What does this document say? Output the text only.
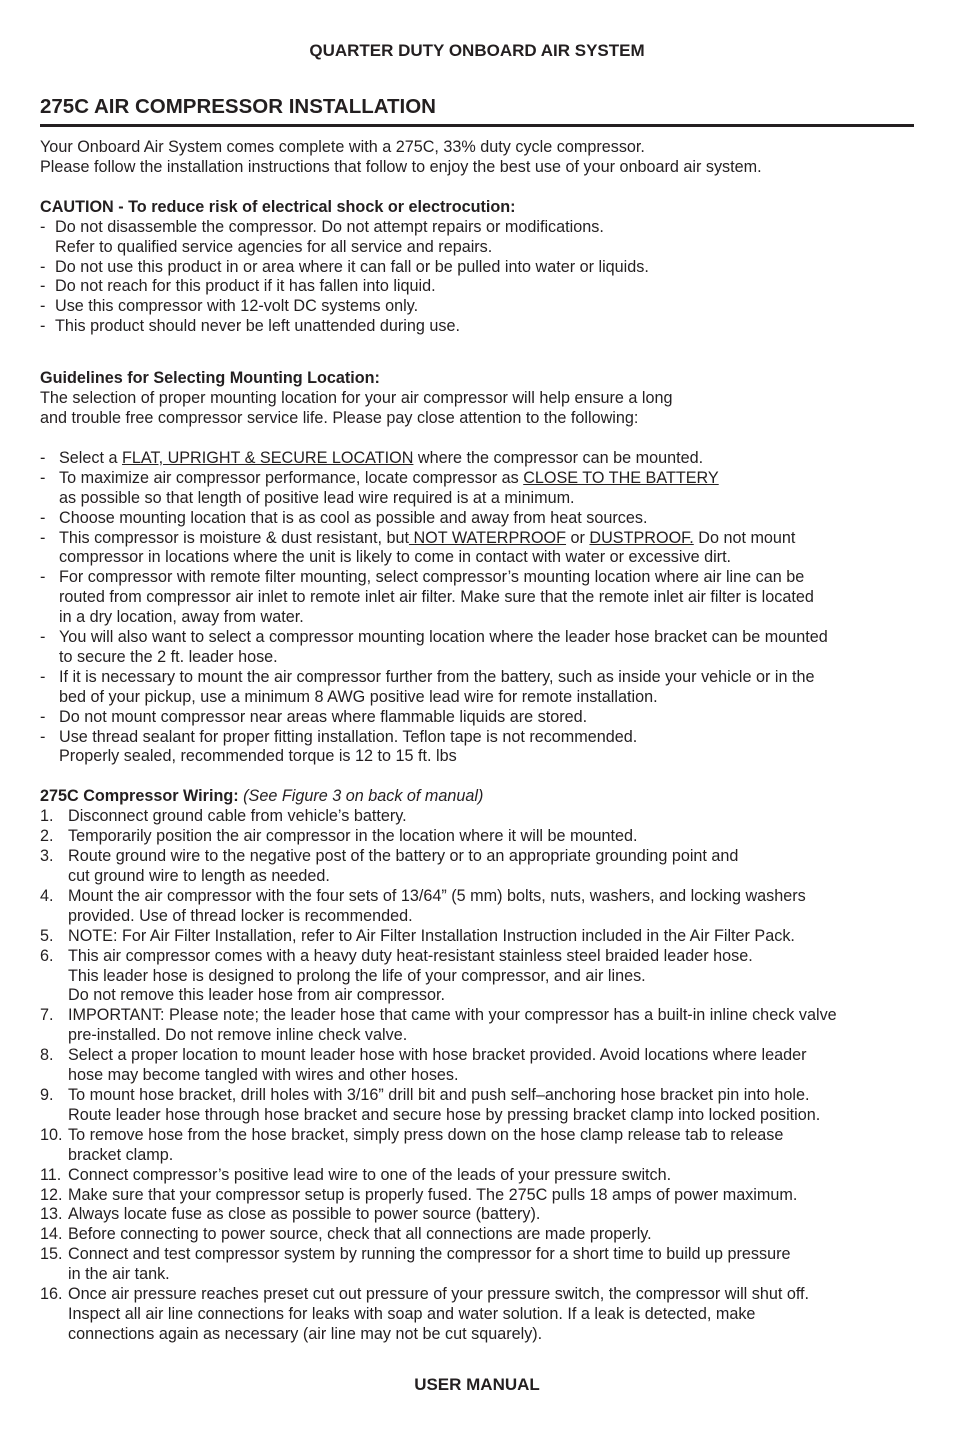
QUARTER DUTY ONBOARD AIR SYSTEM
275C AIR COMPRESSOR INSTALLATION
Your Onboard Air System comes complete with a 275C, 33% duty cycle compressor.
Please follow the installation instructions that follow to enjoy the best use of your onboard air system.
CAUTION - To reduce risk of electrical shock or electrocution:
- Do not disassemble the compressor. Do not attempt repairs or modifications.
Refer to qualified service agencies for all service and repairs.
- Do not use this product in or area where it can fall or be pulled into water or liquids.
- Do not reach for this product if it has fallen into liquid.
- Use this compressor with 12-volt DC systems only.
- This product should never be left unattended during use.
Guidelines for Selecting Mounting Location:
The selection of proper mounting location for your air compressor will help ensure a long
and trouble free compressor service life. Please pay close attention to the following:
- Select a FLAT, UPRIGHT & SECURE LOCATION where the compressor can be mounted.
- To maximize air compressor performance, locate compressor as CLOSE TO THE BATTERY
as possible so that length of positive lead wire required is at a minimum.
- Choose mounting location that is as cool as possible and away from heat sources.
- This compressor is moisture & dust resistant, but NOT WATERPROOF or DUSTPROOF. Do not mount
compressor in locations where the unit is likely to come in contact with water or excessive dirt.
- For compressor with remote filter mounting, select compressor’s mounting location where air line can be
routed from compressor air inlet to remote inlet air filter. Make sure that the remote inlet air filter is located
in a dry location, away from water.
- You will also want to select a compressor mounting location where the leader hose bracket can be mounted
to secure the 2 ft. leader hose.
- If it is necessary to mount the air compressor further from the battery, such as inside your vehicle or in the
bed of your pickup, use a minimum 8 AWG positive lead wire for remote installation.
- Do not mount compressor near areas where flammable liquids are stored.
- Use thread sealant for proper fitting installation. Teflon tape is not recommended.
Properly sealed, recommended torque is 12 to 15 ft. lbs
275C Compressor Wiring: (See Figure 3 on back of manual)
1. Disconnect ground cable from vehicle’s battery.
2. Temporarily position the air compressor in the location where it will be mounted.
3. Route ground wire to the negative post of the battery or to an appropriate grounding point and
cut ground wire to length as needed.
4. Mount the air compressor with the four sets of 13/64” (5 mm) bolts, nuts, washers, and locking washers
provided. Use of thread locker is recommended.
5. NOTE: For Air Filter Installation, refer to Air Filter Installation Instruction included in the Air Filter Pack.
6. This air compressor comes with a heavy duty heat-resistant stainless steel braided leader hose.
This leader hose is designed to prolong the life of your compressor, and air lines.
Do not remove this leader hose from air compressor.
7. IMPORTANT: Please note; the leader hose that came with your compressor has a built-in inline check valve
pre-installed. Do not remove inline check valve.
8. Select a proper location to mount leader hose with hose bracket provided. Avoid locations where leader
hose may become tangled with wires and other hoses.
9. To mount hose bracket, drill holes with 3/16” drill bit and push self–anchoring hose bracket pin into hole.
Route leader hose through hose bracket and secure hose by pressing bracket clamp into locked position.
10. To remove hose from the hose bracket, simply press down on the hose clamp release tab to release
bracket clamp.
11. Connect compressor’s positive lead wire to one of the leads of your pressure switch.
12. Make sure that your compressor setup is properly fused. The 275C pulls 18 amps of power maximum.
13. Always locate fuse as close as possible to power source (battery).
14. Before connecting to power source, check that all connections are made properly.
15. Connect and test compressor system by running the compressor for a short time to build up pressure
in the air tank.
16. Once air pressure reaches preset cut out pressure of your pressure switch, the compressor will shut off.
Inspect all air line connections for leaks with soap and water solution. If a leak is detected, make
connections again as necessary (air line may not be cut squarely).
USER MANUAL
